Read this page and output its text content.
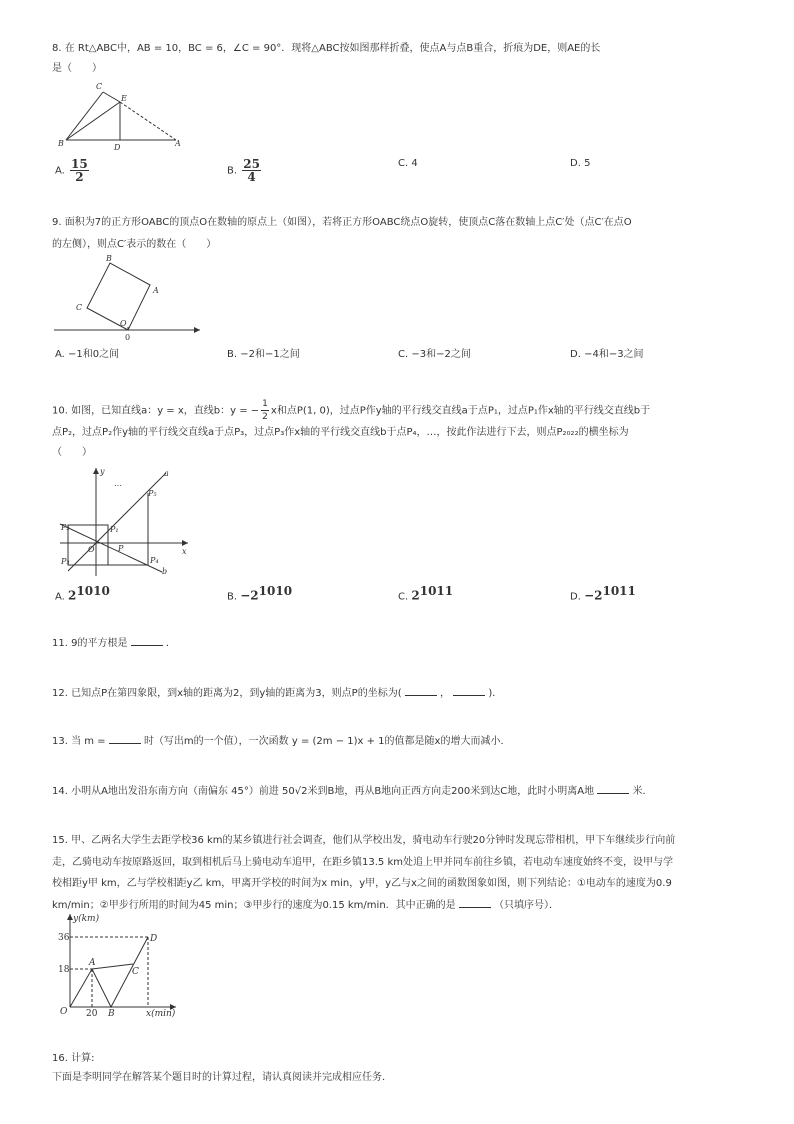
8. 在 Rt△ABC中，AB = 10，BC = 6，∠C = 90°．现将△ABC按如图那样折叠，使点A与点B重合，折痕为DE，则AE的长
是（　　）
C
E
B	D	A
A. $\frac{15}{2}$	B. $\frac{25}{4}$	C. 4	D. 5
9. 面积为7的正方形OABC的顶点O在数轴的原点上（如图），若将正方形OABC绕点O旋转，使顶点C落在数轴上点C′处（点C′在点O
的左侧），则点C′表示的数在（　　）
B
A
C
O
0
A. −1和0之间	B. −2和−1之间	C. −3和−2之间	D. −4和−3之间
10. 如图，已知直线a：y = x，直线b：y = − $\frac{1}{2}$ x和点P(1, 0)，过点P作y轴的平行线交直线a于点P₁，过点P₁作x轴的平行线交直线b于
点P₂，过点P₂作y轴的平行线交直线a于点P₃，过点P₃作x轴的平行线交直线b于点P₄，…，按此作法进行下去，则点P₂₀₂₂的横坐标为
（　　）
y	a
…
P₅
P₂	P₁
O	P	x
P₃	P₄
b
A. $2^{1010}$	B. $-2^{1010}$	C. $2^{1011}$	D. $-2^{1011}$
11. 9的平方根是	．
12. 已知点P在第四象限，到x轴的距离为2，到y轴的距离为3，则点P的坐标为(	，	)．
13. 当 m =	时（写出m的一个值），一次函数 y = (2m − 1)x + 1的值都是随x的增大而减小．
14. 小明从A地出发沿东南方向（南偏东 45°）前进 50√2米到B地，再从B地向正西方向走200米到达C地，此时小明离A地	米．
15. 甲、乙两名大学生去距学校36 km的某乡镇进行社会调查，他们从学校出发，骑电动车行驶20分钟时发现忘带相机，甲下车继续步行向前
走，乙骑电动车按原路返回，取到相机后马上骑电动车追甲，在距乡镇13.5 km处追上甲并同车前往乡镇，若电动车速度始终不变，设甲与学
校相距y甲 km，乙与学校相距y乙 km，甲离开学校的时间为x min，y甲，y乙与x之间的函数图象如图，则下列结论：①电动车的速度为0.9
km/min；②甲步行所用的时间为45 min；③甲步行的速度为0.15 km/min．其中正确的是	（只填序号）．
y(km)
36
18
A
C
D
O 20 B	x(min)
16. 计算:
下面是李明同学在解答某个题目时的计算过程，请认真阅读并完成相应任务．
